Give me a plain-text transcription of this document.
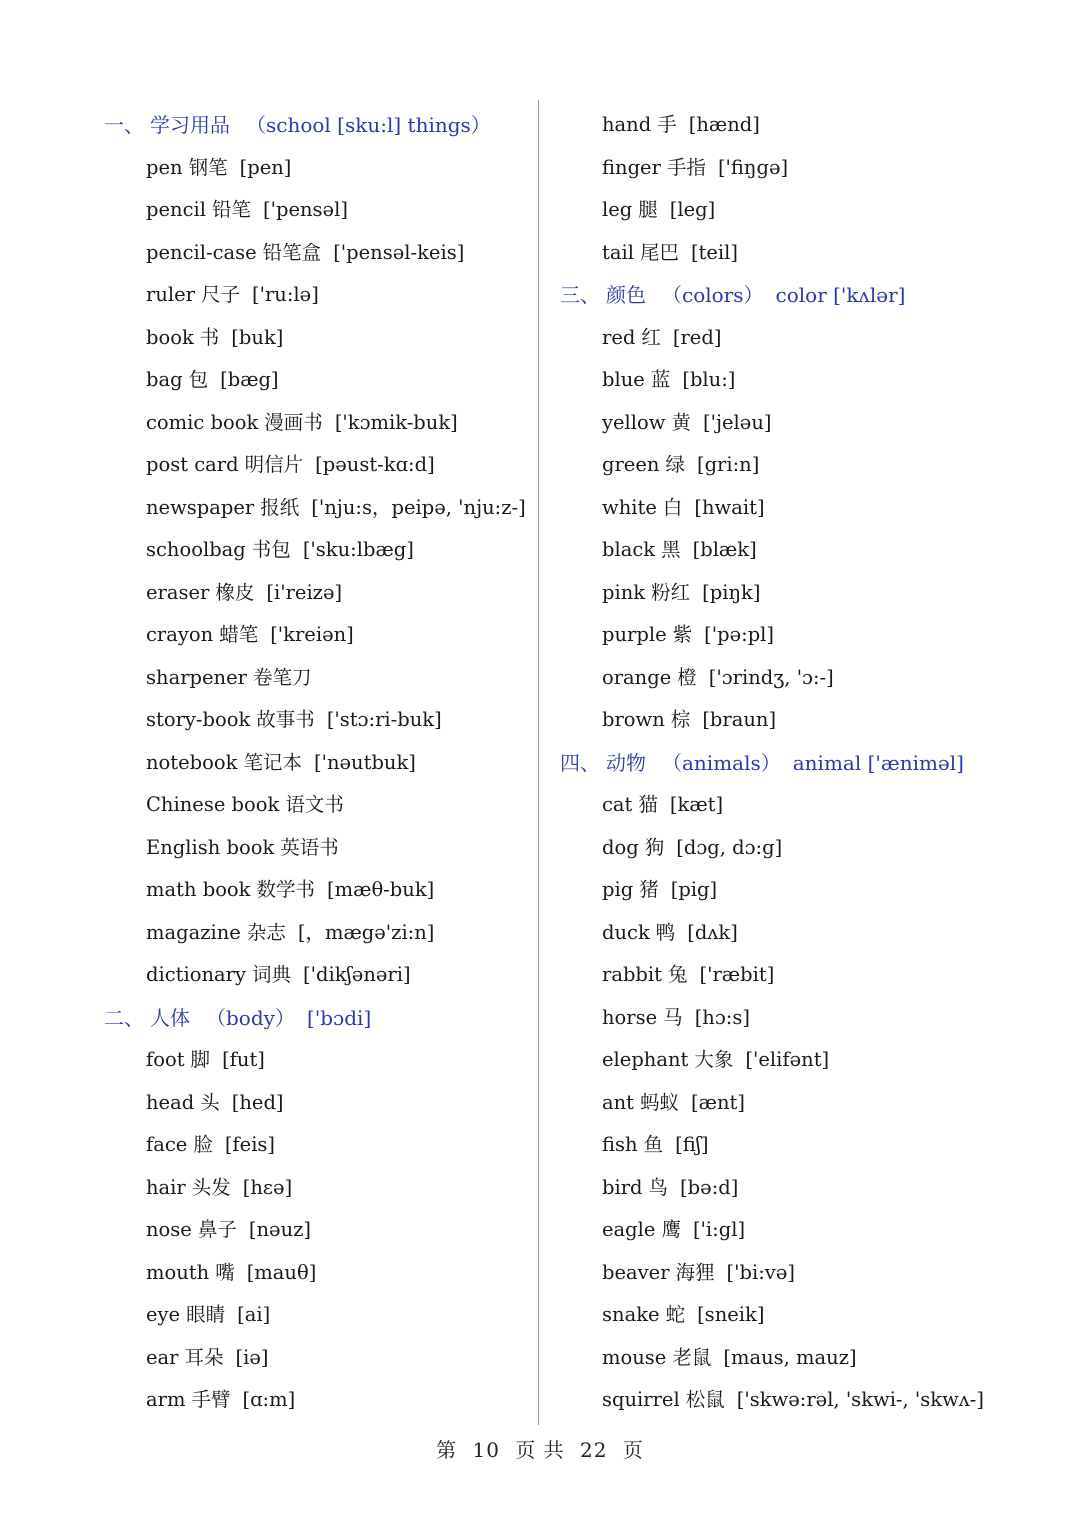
一、 学习用品 （school [sku:l] things）
pen 钢笔 [pen]
pencil 铅笔 ['pensəl]
pencil-case 铅笔盒 ['pensəl-keis]
ruler 尺子 ['ru:lə]
book 书 [buk]
bag 包 [bæg]
comic book 漫画书 ['kɔmik-buk]
post card 明信片 [pəust-kɑ:d]
newspaper 报纸 ['nju:s，peipə, 'nju:z-]
schoolbag 书包 ['sku:lbæg]
eraser 橡皮 [i'reizə]
crayon 蜡笔 ['kreiən]
sharpener 卷笔刀
story-book 故事书 ['stɔ:ri-buk]
notebook 笔记本 ['nəutbuk]
Chinese book 语文书
English book 英语书
math book 数学书 [mæθ-buk]
magazine 杂志 [，mægə'zi:n]
dictionary 词典 ['dikʃənəri]
二、 人体 （body） ['bɔdi]
foot 脚 [fut]
head 头 [hed]
face 脸 [feis]
hair 头发 [hɛə]
nose 鼻子 [nəuz]
mouth 嘴 [mauθ]
eye 眼睛 [ai]
ear 耳朵 [iə]
arm 手臂 [ɑ:m]
hand 手 [hænd]
finger 手指 ['fiŋgə]
leg 腿 [leg]
tail 尾巴 [teil]
三、 颜色 （colors） color ['kʌlər]
red 红 [red]
blue 蓝 [blu:]
yellow 黄 ['jeləu]
green 绿 [gri:n]
white 白 [hwait]
black 黑 [blæk]
pink 粉红 [piŋk]
purple 紫 ['pə:pl]
orange 橙 ['ɔrindʒ, 'ɔ:-]
brown 棕 [braun]
四、 动物 （animals） animal ['æniməl]
cat 猫 [kæt]
dog 狗 [dɔg, dɔ:g]
pig 猪 [pig]
duck 鸭 [dʌk]
rabbit 兔 ['ræbit]
horse 马 [hɔ:s]
elephant 大象 ['elifənt]
ant 蚂蚁 [ænt]
fish 鱼 [fiʃ]
bird 鸟 [bə:d]
eagle 鹰 ['i:gl]
beaver 海狸 ['bi:və]
snake 蛇 [sneik]
mouse 老鼠 [maus, mauz]
squirrel 松鼠 ['skwə:rəl, 'skwi-, 'skwʌ-]
第 10 页 共 22 页
